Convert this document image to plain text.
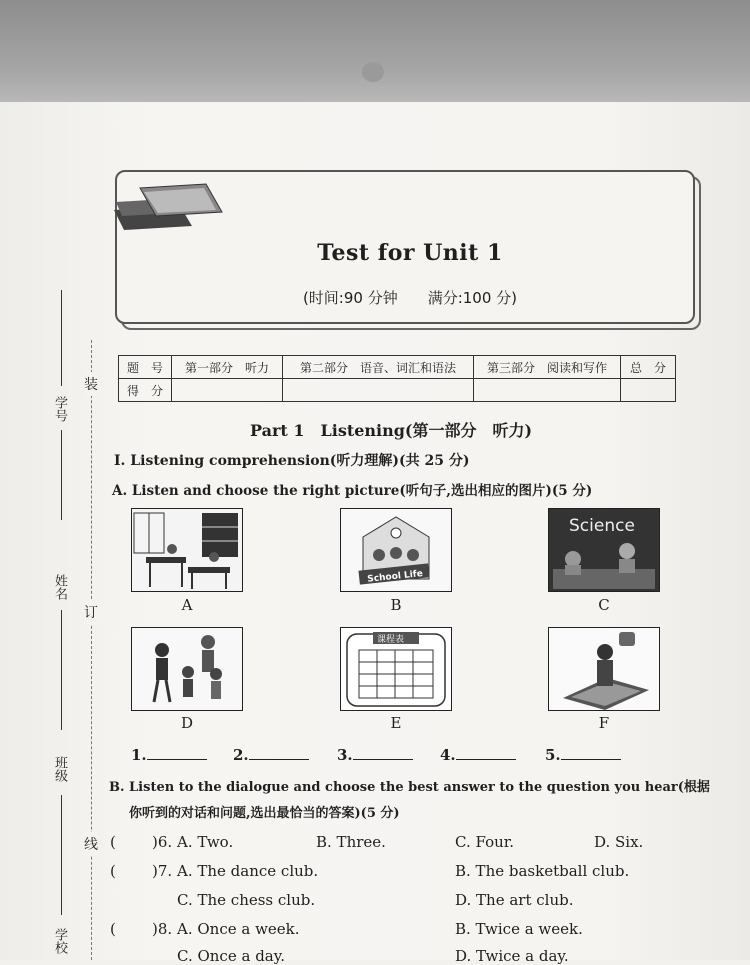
学号
姓名
班级
学校
装
订
线
Test for Unit 1
(时间:90 分钟　　满分:100 分)
题　号	第一部分　听力	第二部分　语音、词汇和语法	第三部分　阅读和写作	总　分
得　分				
Part 1　Listening(第一部分　听力)
Ⅰ. Listening comprehension(听力理解)(共 25 分)
A. Listen and choose the right picture(听句子,选出相应的图片)(5 分)
A
School Life
B
Science
C
D
课程表
E	F
1.	2.	3.	4.	5.
B. Listen to the dialogue and choose the best answer to the question you hear(根据
你听到的对话和问题,选出最恰当的答案)(5 分)
( )6. A. Two.	B. Three.	C. Four.	D. Six.
( )7. A. The dance club.	B. The basketball club.
C. The chess club.	D. The art club.
( )8. A. Once a week.	B. Twice a week.
C. Once a day.	D. Twice a day.
